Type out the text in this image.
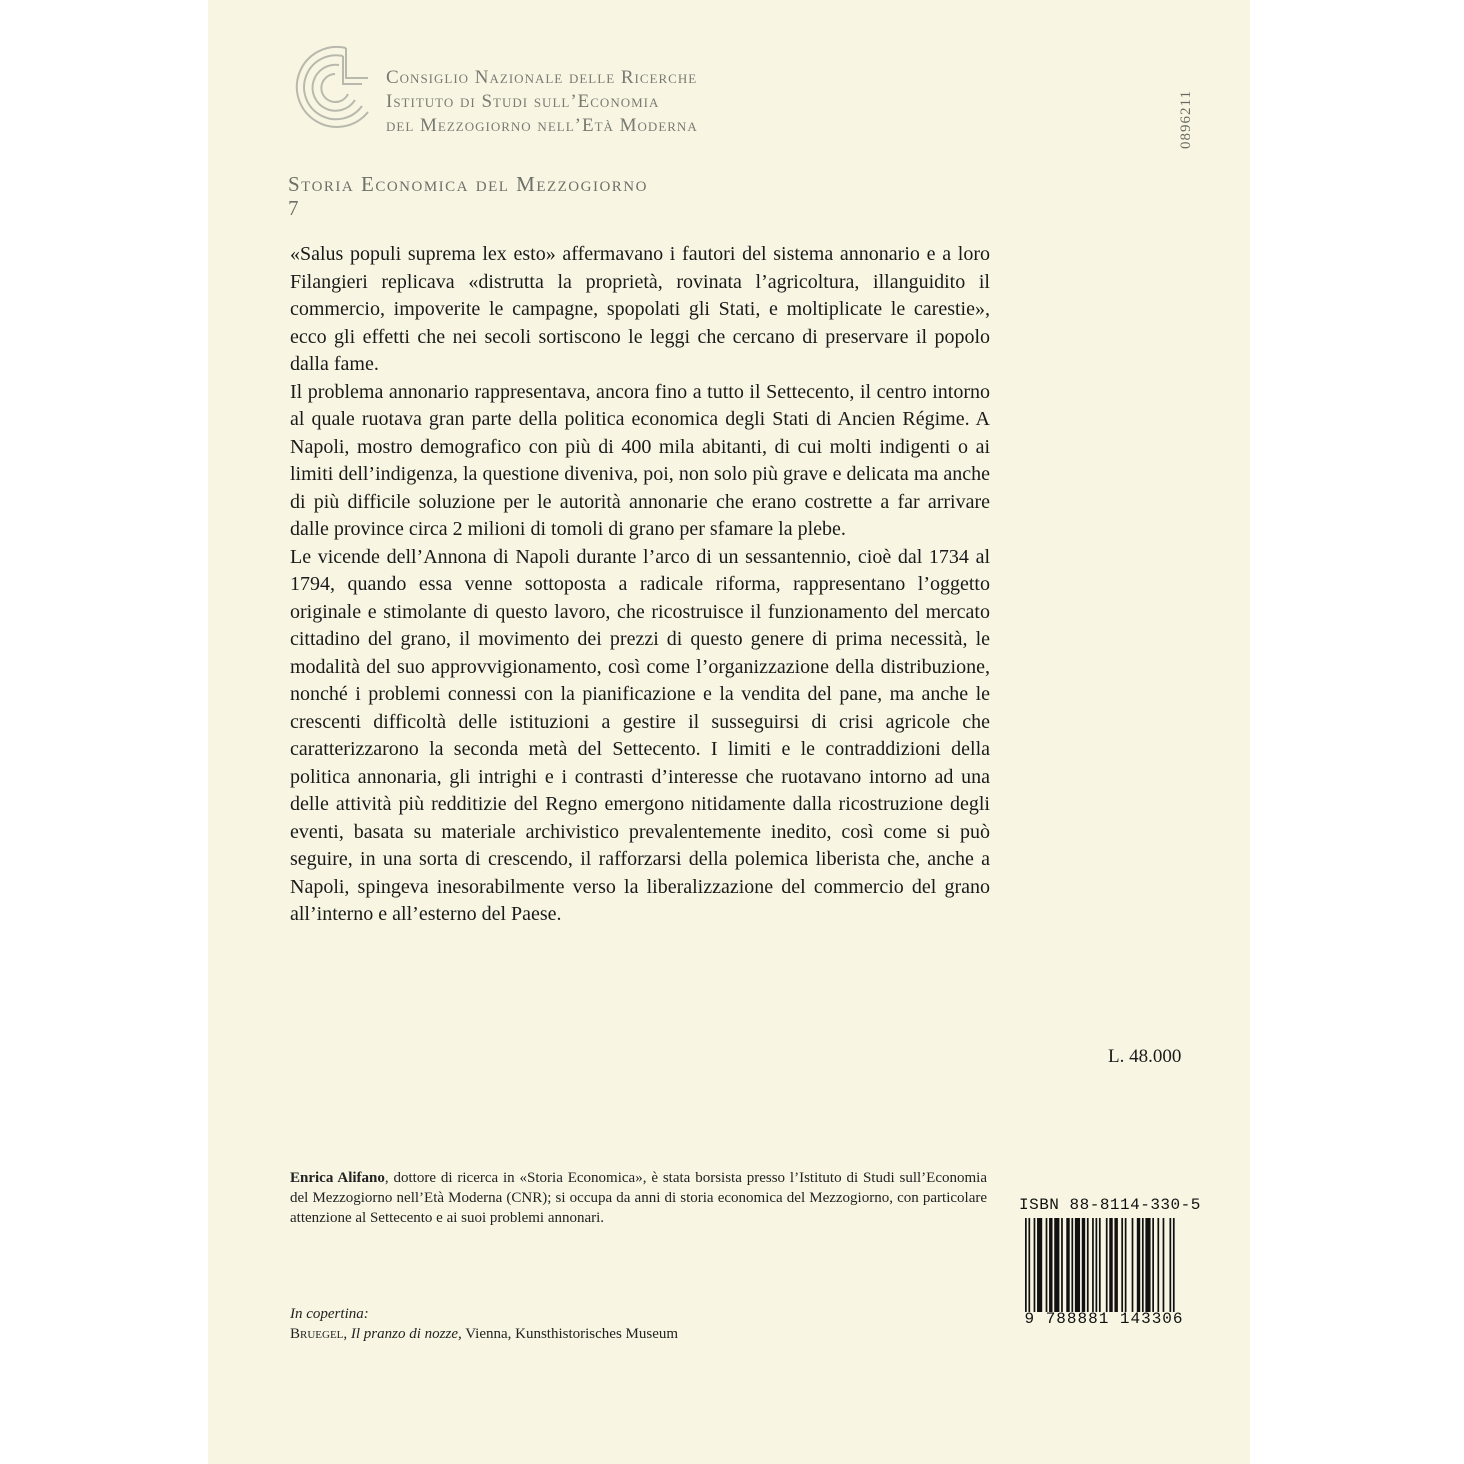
Consiglio Nazionale delle Ricerche
Istituto di Studi sull’Economia
del Mezzogiorno nell’Età Moderna	0896211
Storia Economica del Mezzogiorno
7

«Salus populi suprema lex esto» affermavano i fautori del sistema annonario e a loro Filangieri replicava «distrutta la proprietà, rovinata l’agricoltura, illanguidito il commercio, impoverite le campagne, spopolati gli Stati, e moltiplicate le carestie», ecco gli effetti che nei secoli sortiscono le leggi che cercano di preservare il popolo dalla fame.

Il problema annonario rappresentava, ancora fino a tutto il Settecento, il centro intorno al quale ruotava gran parte della politica economica degli Stati di Ancien Régime. A Napoli, mostro demografico con più di 400 mila abitanti, di cui molti indigenti o ai limiti dell’indigenza, la questione diveniva, poi, non solo più grave e delicata ma anche di più difficile soluzione per le autorità annonarie che erano costrette a far arrivare dalle province circa 2 milioni di tomoli di grano per sfamare la plebe.

Le vicende dell’Annona di Napoli durante l’arco di un sessantennio, cioè dal 1734 al 1794, quando essa venne sottoposta a radicale riforma, rappresentano l’oggetto originale e stimolante di questo lavoro, che ricostruisce il funzionamento del mercato cittadino del grano, il movimento dei prezzi di questo genere di prima necessità, le modalità del suo approvvigionamento, così come l’organizzazione della distribuzione, nonché i problemi connessi con la pianificazione e la vendita del pane, ma anche le crescenti difficoltà delle istituzioni a gestire il susseguirsi di crisi agricole che caratterizzarono la seconda metà del Settecento. I limiti e le contraddizioni della politica annonaria, gli intrighi e i contrasti d’interesse che ruotavano intorno ad una delle attività più redditizie del Regno emergono nitidamente dalla ricostruzione degli eventi, basata su materiale archivistico prevalentemente inedito, così come si può seguire, in una sorta di crescendo, il rafforzarsi della polemica liberista che, anche a Napoli, spingeva inesorabilmente verso la liberalizzazione del commercio del grano all’interno e all’esterno del Paese.

Enrica Alifano, dottore di ricerca in «Storia Economica», è stata borsista presso l’Istituto di Studi sull’Economia del Mezzogiorno nell’Età Moderna (CNR); si occupa da anni di storia economica del Mezzogiorno, con particolare attenzione al Settecento e ai suoi problemi annonari.
In copertina:
Bruegel, Il pranzo di nozze, Vienna, Kunsthistorisches Museum
ISBN 88-8114-330-5
9 788881 143306
L. 48.000
